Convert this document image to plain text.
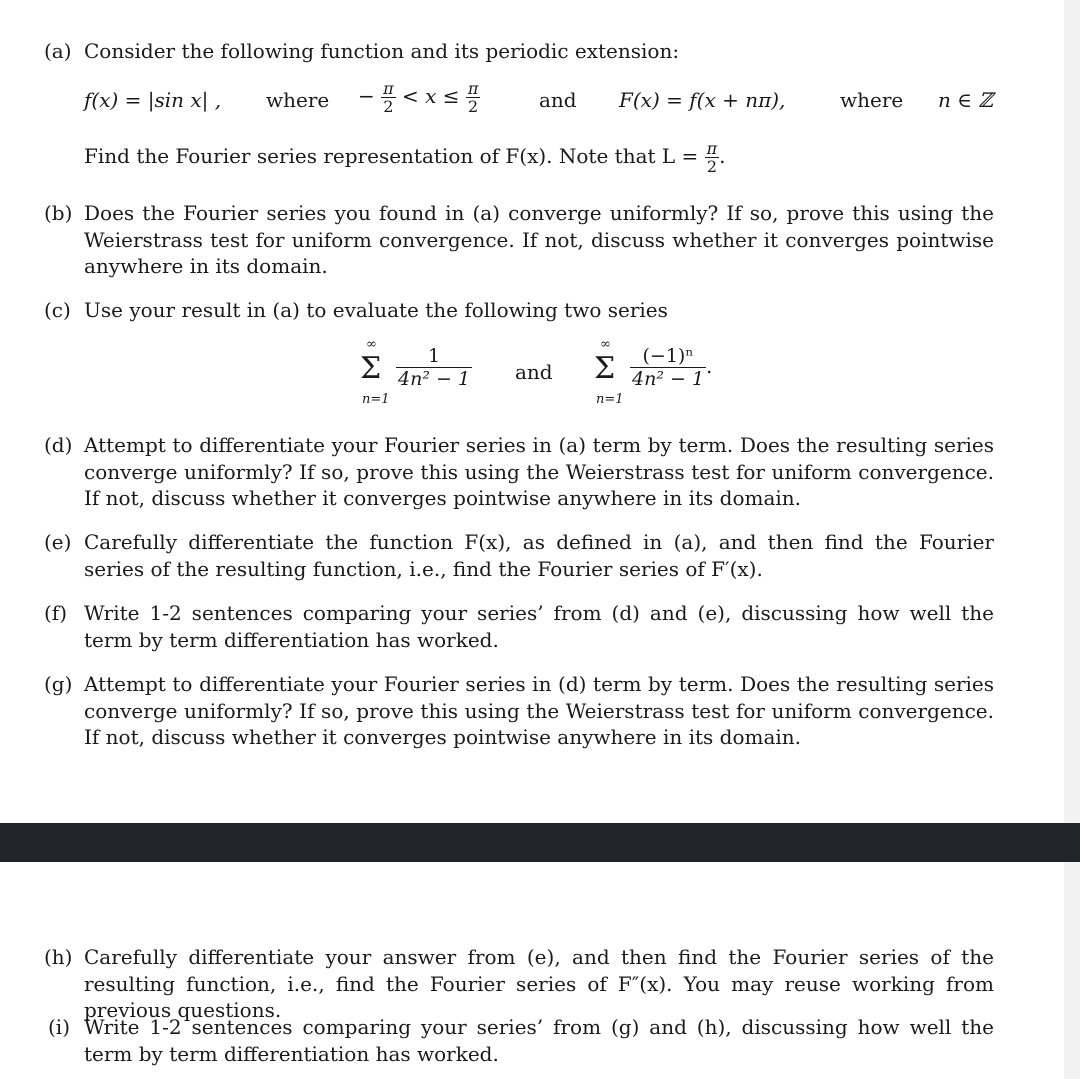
(a) Consider the following function and its periodic extension:
f(x) = |sin x| , where − $\frac{\pi}{2} < x \le \frac{\pi}{2}$	and F(x) = f(x + nπ),	where n ∈ ℤ
Find the Fourier series representation of F(x). Note that $L = \frac{\pi}{2}$ .
(b) Does the Fourier series you found in (a) converge uniformly? If so, prove this using the Weierstrass test for uniform convergence. If not, discuss whether it converges pointwise anywhere in its domain.
(c) Use your result in (a) to evaluate the following two series
∞
Σ
n=1
$\frac{1}{\text{4n² − 1}}$ and
∞
Σ
n=1
$\frac{\text{(−1)ⁿ}}{\text{4n² − 1}}$ .
(d) Attempt to differentiate your Fourier series in (a) term by term. Does the resulting series converge uniformly? If so, prove this using the Weierstrass test for uniform convergence. If not, discuss whether it converges pointwise anywhere in its domain.
(e) Carefully differentiate the function F(x), as defined in (a), and then find the Fourier series of the resulting function, i.e., find the Fourier series of F′(x).
(f) Write 1-2 sentences comparing your series’ from (d) and (e), discussing how well the term by term differentiation has worked.
(g) Attempt to differentiate your Fourier series in (d) term by term. Does the resulting series converge uniformly? If so, prove this using the Weierstrass test for uniform convergence. If not, discuss whether it converges pointwise anywhere in its domain.
(h) Carefully differentiate your answer from (e), and then find the Fourier series of the resulting function, i.e., find the Fourier series of F″(x). You may reuse working from previous questions.
(i) Write 1-2 sentences comparing your series’ from (g) and (h), discussing how well the term by term differentiation has worked.
